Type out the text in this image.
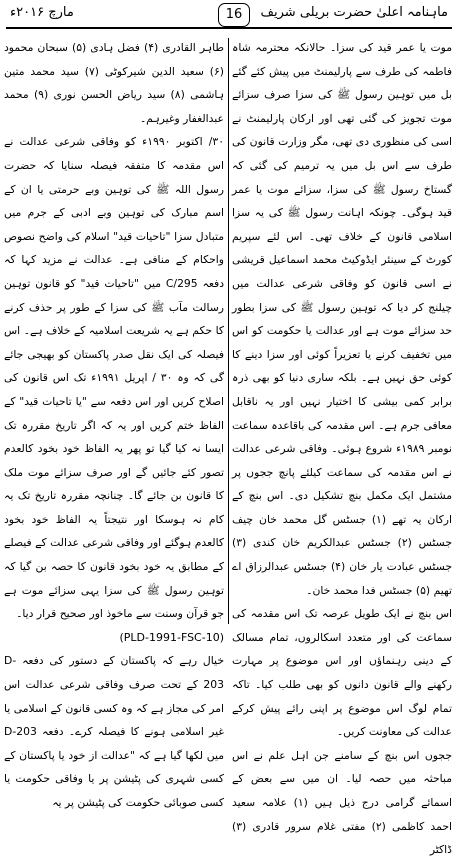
ماہنامہ اعلیٰ حضرت بریلی شریف
16
مارچ ۲۰۱۶ء

موت یا عمر قید کی سزا۔ حالانکہ محترمہ شاہ فاطمہ کی طرف سے پارلیمنٹ میں پیش کئے گئے بل میں توہین رسول ﷺ کی سزا صرف سزائے موت تجویز کی گئی تھی اور ارکان پارلیمنٹ نے اسی کی منظوری دی تھی، مگر وزارت قانون کی طرف سے اس بل میں یہ ترمیم کی گئی کہ گستاخ رسول ﷺ کی سزا، سزائے موت یا عمر قید ہوگی۔ چونکہ اہانت رسول ﷺ کی یہ سزا اسلامی قانون کے خلاف تھی۔ اس لئے سپریم کورٹ کے سینئر ایڈوکیٹ محمد اسماعیل قریشی نے اسی قانون کو وفاقی شرعی عدالت میں چیلنج کر دیا کہ توہین رسول ﷺ کی سزا بطور حد سزائے موت ہے اور عدالت یا حکومت کو اس میں تخفیف کرنے یا تعزیراً کوئی اور سزا دینے کا کوئی حق نہیں ہے۔ بلکہ ساری دنیا کو بھی ذرہ برابر کمی بیشی کا اختیار نہیں اور یہ ناقابل معافی جرم ہے۔ اس مقدمہ کی باقاعدہ سماعت نومبر ۱۹۸۹ء شروع ہوئی۔ وفاقی شرعی عدالت نے اس مقدمہ کی سماعت کیلئے پانچ ججوں پر مشتمل ایک مکمل بنچ تشکیل دی۔ اس بنچ کے ارکان یہ تھے (۱) جسٹس گل محمد خان چیف جسٹس (۲) جسٹس عبدالکریم خان کندی (۳) جسٹس عبادت یار خان (۴) جسٹس عبدالرزاق اے تھیم (۵) جسٹس فدا محمد خان۔

اس بنچ نے ایک طویل عرصہ تک اس مقدمہ کی سماعت کی اور متعدد اسکالروں، تمام مسالک کے دینی رہنماؤں اور اس موضوع پر مہارت رکھنے والے قانون دانوں کو بھی طلب کیا۔ تاکہ تمام لوگ اس موضوع پر اپنی رائے پیش کرکے عدالت کی معاونت کریں۔

ججوں اس بنچ کے سامنے جن اہل علم نے اس مباحثہ میں حصہ لیا۔ ان میں سے بعض کے اسمائے گرامی درج ذیل ہیں (۱) علامہ سعید احمد کاظمی (۲) مفتی غلام سرور قادری (۳) ڈاکٹر

طاہر القادری (۴) فضل ہادی (۵) سبحان محمود (۶) سعید الدین شیرکوٹی (۷) سید محمد متین ہاشمی (۸) سید ریاض الحسن نوری (۹) محمد عبدالغفار وغیرہم۔

۳۰/ اکتوبر ۱۹۹۰ء کو وفاقی شرعی عدالت نے اس مقدمہ کا متفقہ فیصلہ سنایا کہ حضرت رسول اللہ ﷺ کی توہین وبے حرمتی یا ان کے اسم مبارک کی توہین وبے ادبی کے جرم میں متبادل سزا "تاحیات قید" اسلام کی واضح نصوص واحکام کے منافی ہے۔ عدالت نے مزید کہا کہ دفعہ C/295 میں "تاحیات قید" کو قانون توہین رسالت مآب ﷺ کی سزا کے طور پر حذف کرنے کا حکم ہے یہ شریعت اسلامیہ کے خلاف ہے۔ اس فیصلہ کی ایک نقل صدر پاکستان کو بھیجی جائے گی کہ وہ ۳۰ / اپریل ۱۹۹۱ء تک اس قانون کی اصلاح کریں اور اس دفعہ سے "یا تاحیات قید" کے الفاظ ختم کریں اور یہ کہ اگر تاریخ مقررہ تک ایسا نہ کیا گیا تو پھر یہ الفاظ خود بخود کالعدم تصور کئے جائیں گے اور صرف سزائے موت ملک کا قانون بن جائے گا۔ چنانچہ مقررہ تاریخ تک یہ کام نہ ہوسکا اور نتیجتاً یہ الفاظ خود بخود کالعدم ہوگئے اور وفاقی شرعی عدالت کے فیصلے کے مطابق یہ خود بخود قانون کا حصہ بن گیا کہ توہین رسول ﷺ کی سزا یہی سزائے موت ہے جو قرآن وسنت سے ماخوذ اور صحیح قرار دیا۔

(PLD-1991-FSC-10)

خیال رہے کہ پاکستان کے دستور کی دفعہ D-203 کے تحت صرف وفاقی شرعی عدالت اس امر کی مجاز ہے کہ وہ کسی قانون کے اسلامی یا غیر اسلامی ہونے کا فیصلہ کرے۔ دفعہ D-203 میں لکھا گیا ہے کہ "عدالت از خود یا پاکستان کے کسی شہری کی پٹیشن پر یا وفاقی حکومت یا کسی صوبائی حکومت کی پٹیشن پر یہ
